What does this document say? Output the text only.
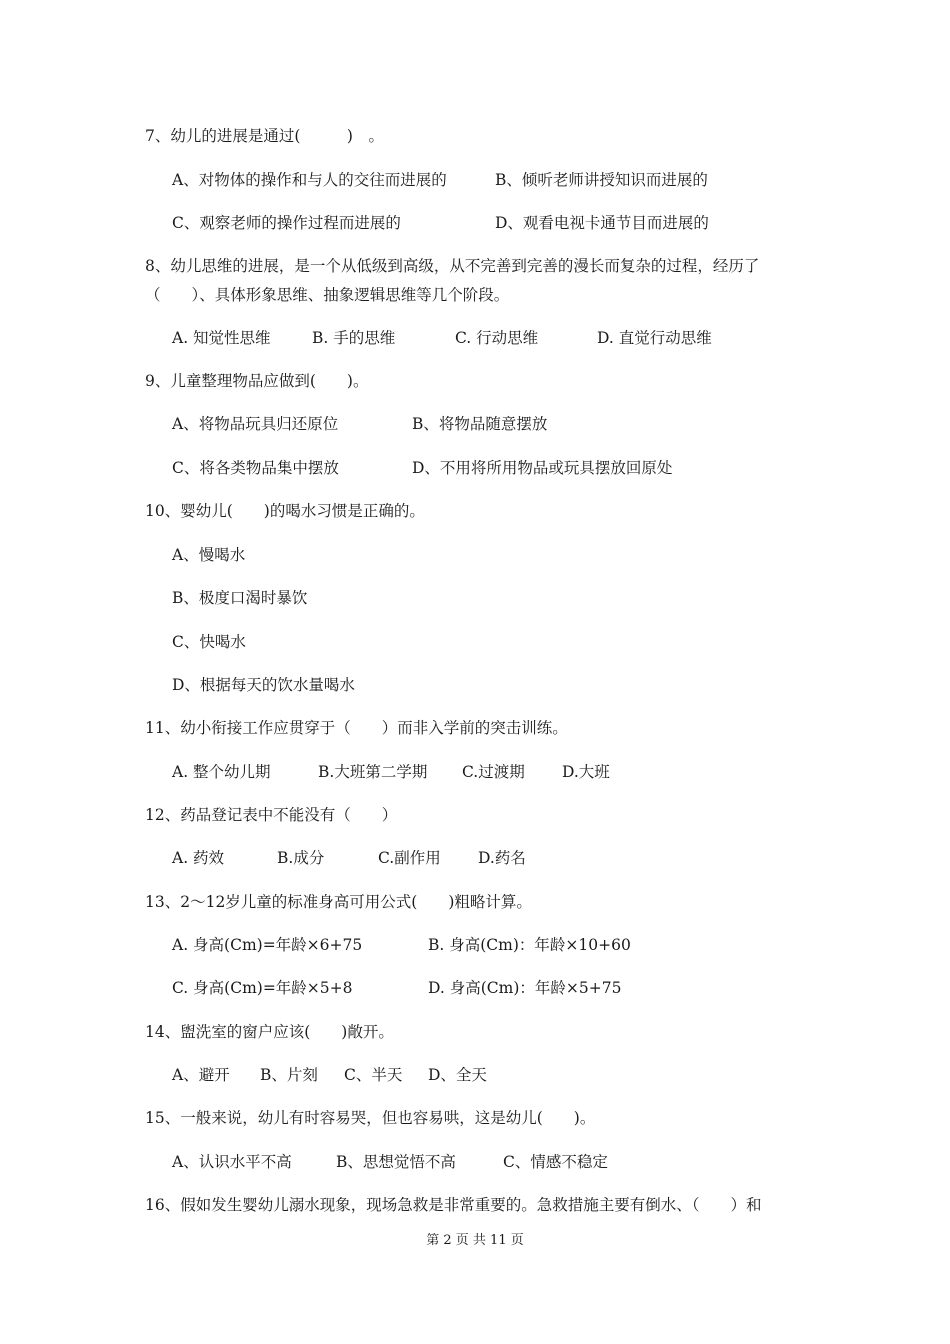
7、幼儿的进展是通过(　　　)　。
A、对物体的操作和与人的交往而进展的	B、倾听老师讲授知识而进展的
C、观察老师的操作过程而进展的	D、观看电视卡通节目而进展的
8、幼儿思维的进展，是一个从低级到高级，从不完善到完善的漫长而复杂的过程，经历了
（　　）、具体形象思维、抽象逻辑思维等几个阶段。
A. 知觉性思维	B. 手的思维	C. 行动思维	D. 直觉行动思维
9、儿童整理物品应做到(　　)。
A、将物品玩具归还原位	B、将物品随意摆放
C、将各类物品集中摆放	D、不用将所用物品或玩具摆放回原处
10、婴幼儿(　　)的喝水习惯是正确的。
A、慢喝水
B、极度口渴时暴饮
C、快喝水
D、根据每天的饮水量喝水
11、幼小衔接工作应贯穿于（　　）而非入学前的突击训练。
A. 整个幼儿期	B.大班第二学期 C.过渡期 D.大班
12、药品登记表中不能没有（　　）
A. 药效	B.成分	C.副作用 D.药名
13、2～12岁儿童的标准身高可用公式(　　)粗略计算。
A. 身高(Cm)=年龄×6+75	B. 身高(Cm)：年龄×10+60
C. 身高(Cm)=年龄×5+8	D. 身高(Cm)：年龄×5+75
14、盥洗室的窗户应该(　　)敞开。
A、避开 B、片刻 C、半天 D、全天
15、一般来说，幼儿有时容易哭，但也容易哄，这是幼儿(　　)。
A、认识水平不高	B、思想觉悟不高	C、情感不稳定
16、假如发生婴幼儿溺水现象，现场急救是非常重要的。急救措施主要有倒水、（　　）和
第 2 页 共 11 页
